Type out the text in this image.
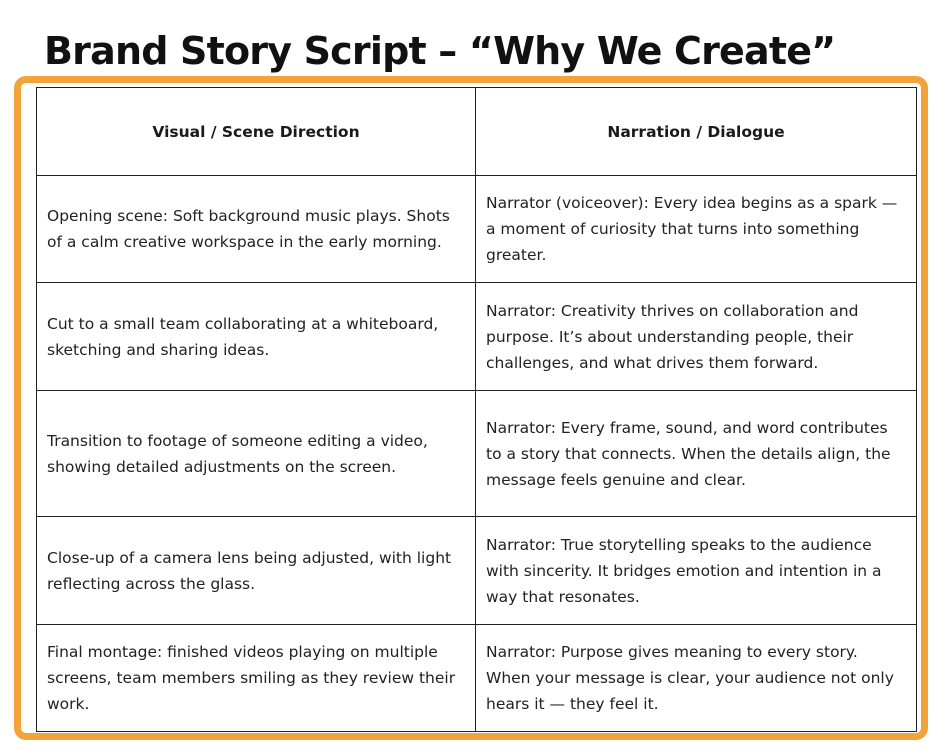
Brand Story Script – “Why We Create”
Visual / Scene Direction	Narration / Dialogue
Opening scene: Soft background music plays. Shots of a calm creative workspace in the early morning.	Narrator (voiceover): Every idea begins as a spark — a moment of curiosity that turns into something greater.
Cut to a small team collaborating at a whiteboard, sketching and sharing ideas.	Narrator: Creativity thrives on collaboration and purpose. It’s about understanding people, their challenges, and what drives them forward.
Transition to footage of someone editing a video, showing detailed adjustments on the screen.	Narrator: Every frame, sound, and word contributes to a story that connects. When the details align, the message feels genuine and clear.
Close-up of a camera lens being adjusted, with light reflecting across the glass.	Narrator: True storytelling speaks to the audience with sincerity. It bridges emotion and intention in a way that resonates.
Final montage: finished videos playing on multiple screens, team members smiling as they review their work.	Narrator: Purpose gives meaning to every story. When your message is clear, your audience not only hears it — they feel it.
